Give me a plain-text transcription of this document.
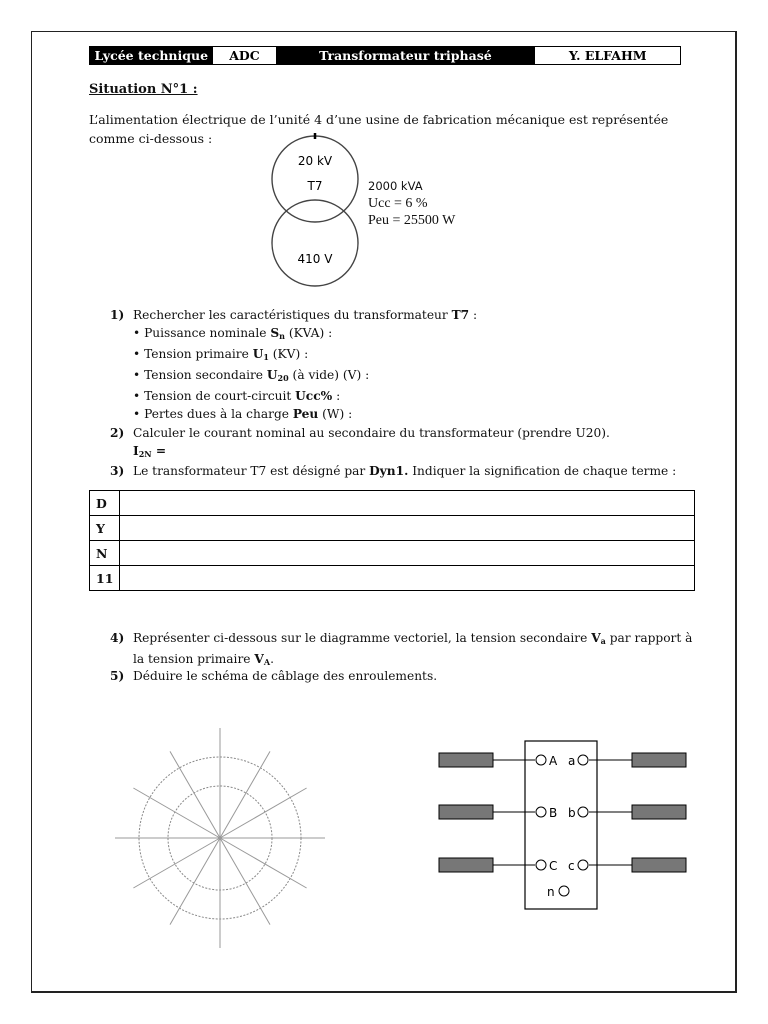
Lycée technique	ADC	Transformateur triphasé	Y. ELFAHM
Situation N°1 :
L’alimentation électrique de l’unité 4 d’une usine de fabrication mécanique est représentée comme ci-dessous :
20 kV
T7
410 V
2000 kVA
Ucc = 6 %
Peu = 25500 W
1) Rechercher les caractéristiques du transformateur T7 :
• Puissance nominale $S_n$ (KVA) :
• Tension primaire $U_1$ (KV) :
• Tension secondaire $U_{20}$ (à vide) (V) :
• Tension de court-circuit Ucc% :
• Pertes dues à la charge Peu (W) :
2) Calculer le courant nominal au secondaire du transformateur (prendre U20).
$I_{2N}$ =
3) Le transformateur T7 est désigné par Dyn1. Indiquer la signification de chaque terme :
D	
Y	
N	
11	
4) Représenter ci-dessous sur le diagramme vectoriel, la tension secondaire $V_a$ par rapport à la tension primaire $V_A$.
5) Déduire le schéma de câblage des enroulements.
A
B
C
a
b
c
n
